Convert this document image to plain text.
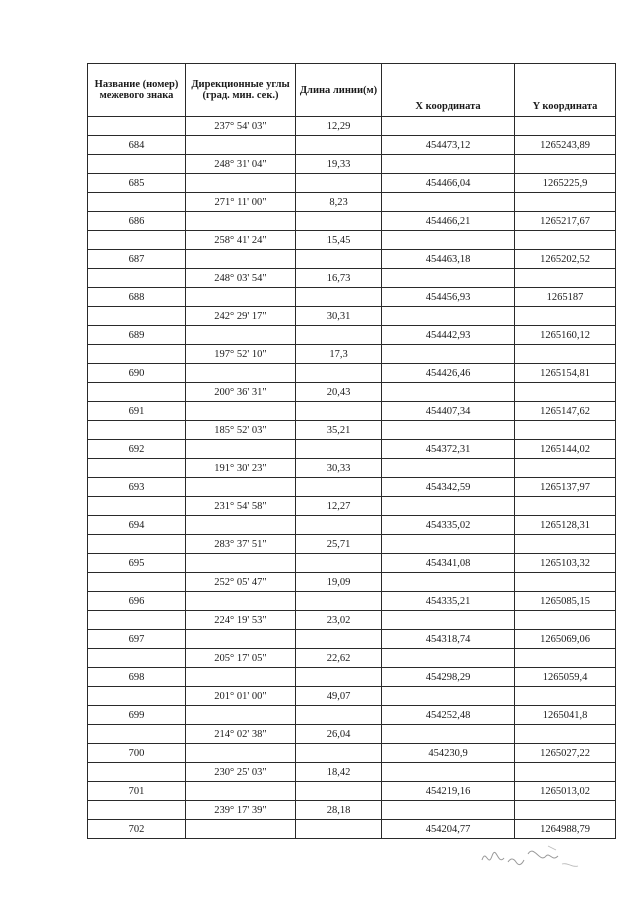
Название (номер) межевого знака	Дирекционные углы (град. мин. сек.)	Длина линии(м)	X координата	Y координата
	237° 54' 03"	12,29		
684			454473,12	1265243,89
	248° 31' 04"	19,33		
685			454466,04	1265225,9
	271° 11' 00"	8,23		
686			454466,21	1265217,67
	258° 41' 24"	15,45		
687			454463,18	1265202,52
	248° 03' 54"	16,73		
688			454456,93	1265187
	242° 29' 17"	30,31		
689			454442,93	1265160,12
	197° 52' 10"	17,3		
690			454426,46	1265154,81
	200° 36' 31"	20,43		
691			454407,34	1265147,62
	185° 52' 03"	35,21		
692			454372,31	1265144,02
	191° 30' 23"	30,33		
693			454342,59	1265137,97
	231° 54' 58"	12,27		
694			454335,02	1265128,31
	283° 37' 51"	25,71		
695			454341,08	1265103,32
	252° 05' 47"	19,09		
696			454335,21	1265085,15
	224° 19' 53"	23,02		
697			454318,74	1265069,06
	205° 17' 05"	22,62		
698			454298,29	1265059,4
	201° 01' 00"	49,07		
699			454252,48	1265041,8
	214° 02' 38"	26,04		
700			454230,9	1265027,22
	230° 25' 03"	18,42		
701			454219,16	1265013,02
	239° 17' 39"	28,18		
702			454204,77	1264988,79
